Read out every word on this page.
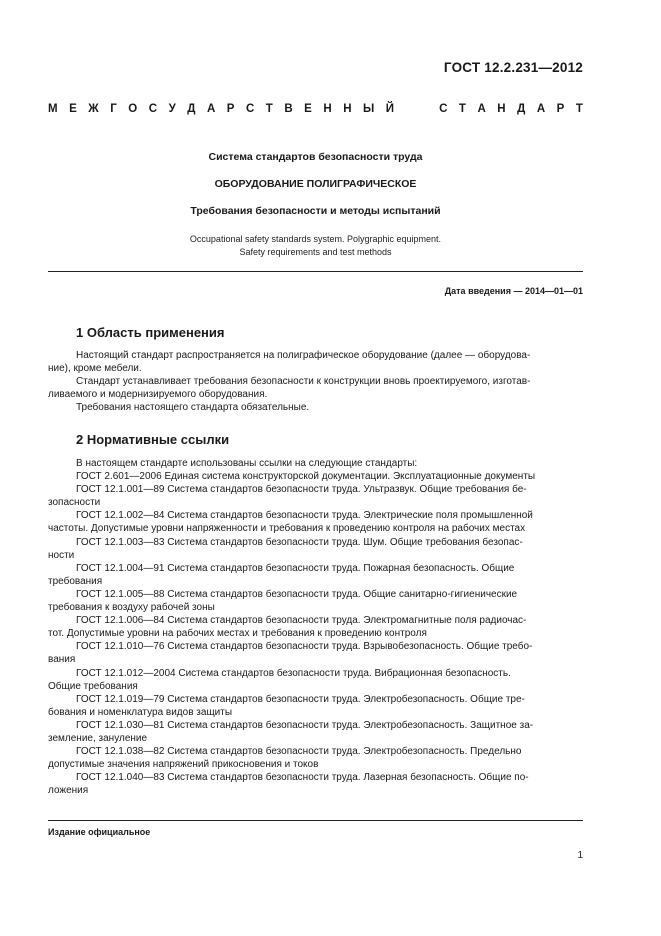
ГОСТ 12.2.231—2012
М Е Ж Г О С У Д А Р С Т В Е Н Н Ы Й	С Т А Н Д А Р Т
Система стандартов безопасности труда
ОБОРУДОВАНИЕ ПОЛИГРАФИЧЕСКОЕ
Требования безопасности и методы испытаний
Occupational safety standards system. Polygraphic equipment.
Safety requirements and test methods
Дата введения — 2014—01—01
1 Область применения
Настоящий стандарт распространяется на полиграфическое оборудование (далее — оборудова-
ние), кроме мебели.
Стандарт устанавливает требования безопасности к конструкции вновь проектируемого, изготав-
ливаемого и модернизируемого оборудования.
Требования настоящего стандарта обязательные.
2 Нормативные ссылки
В настоящем стандарте использованы ссылки на следующие стандарты:
ГОСТ 2.601—2006 Единая система конструкторской документации. Эксплуатационные документы
ГОСТ 12.1.001—89 Система стандартов безопасности труда. Ультразвук. Общие требования бе-
зопасности
ГОСТ 12.1.002—84 Система стандартов безопасности труда. Электрические поля промышленной
частоты. Допустимые уровни напряженности и требования к проведению контроля на рабочих местах
ГОСТ 12.1.003—83 Система стандартов безопасности труда. Шум. Общие требования безопас-
ности
ГОСТ 12.1.004—91 Система стандартов безопасности труда. Пожарная безопасность. Общие
требования
ГОСТ 12.1.005—88 Система стандартов безопасности труда. Общие санитарно-гигиенические
требования к воздуху рабочей зоны
ГОСТ 12.1.006—84 Система стандартов безопасности труда. Электромагнитные поля радиочас-
тот. Допустимые уровни на рабочих местах и требования к проведению контроля
ГОСТ 12.1.010—76 Система стандартов безопасности труда. Взрывобезопасность. Общие требо-
вания
ГОСТ 12.1.012—2004 Система стандартов безопасности труда. Вибрационная безопасность.
Общие требования
ГОСТ 12.1.019—79 Система стандартов безопасности труда. Электробезопасность. Общие тре-
бования и номенклатура видов защиты
ГОСТ 12.1.030—81 Система стандартов безопасности труда. Электробезопасность. Защитное за-
земление, зануление
ГОСТ 12.1.038—82 Система стандартов безопасности труда. Электробезопасность. Предельно
допустимые значения напряжений прикосновения и токов
ГОСТ 12.1.040—83 Система стандартов безопасности труда. Лазерная безопасность. Общие по-
ложения
Издание официальное
1
